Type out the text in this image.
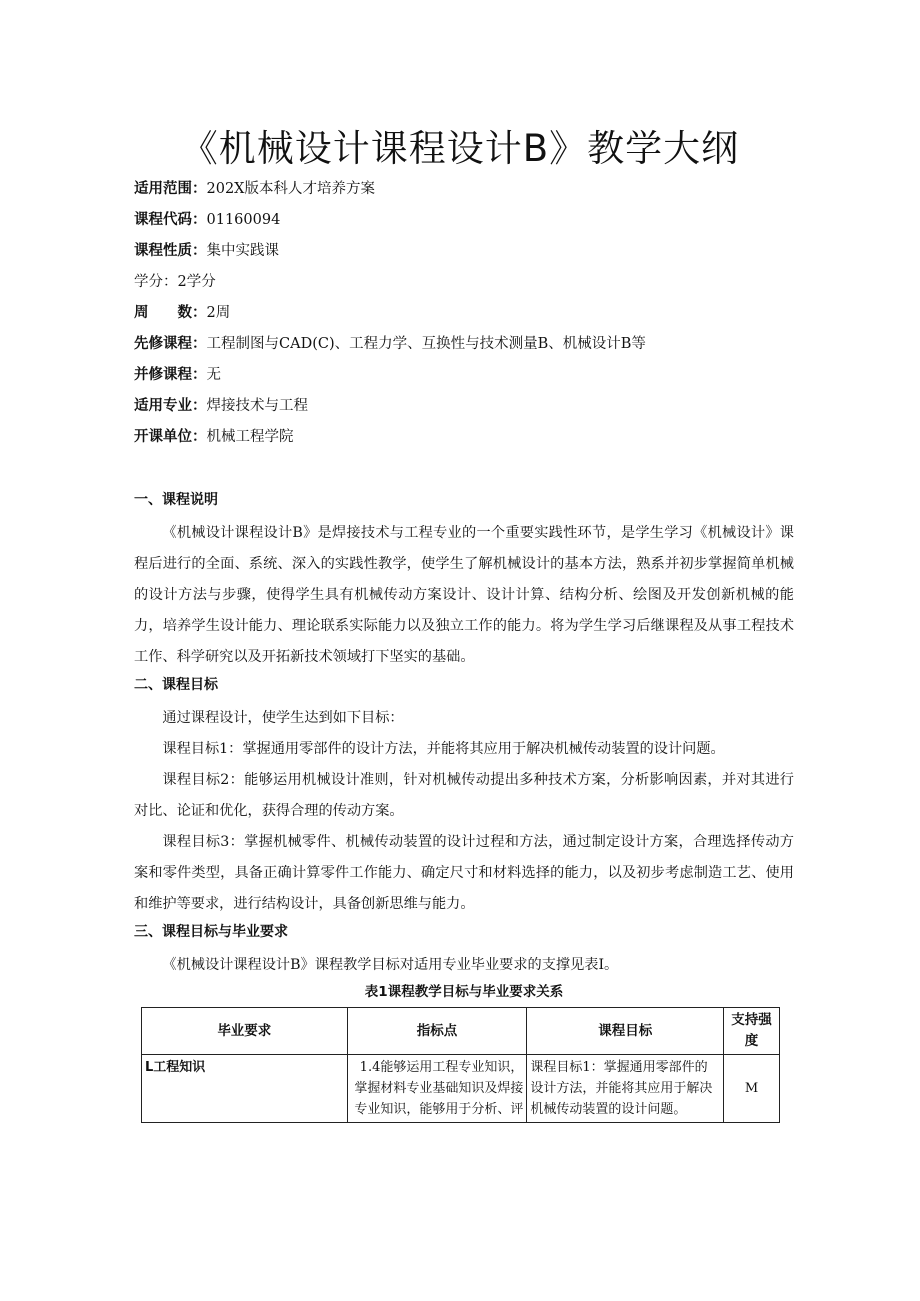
《机械设计课程设计B》教学大纲
适用范围：202X版本科人才培养方案
课程代码：01160094
课程性质：集中实践课
学分：2学分
周　　数：2周
先修课程：工程制图与CAD(C)、工程力学、互换性与技术测量B、机械设计B等
并修课程：无
适用专业：焊接技术与工程
开课单位：机械工程学院
一、课程说明

《机械设计课程设计B》是焊接技术与工程专业的一个重要实践性环节，是学生学习《机械设计》课程后进行的全面、系统、深入的实践性教学，使学生了解机械设计的基本方法，熟系并初步掌握简单机械的设计方法与步骤，使得学生具有机械传动方案设计、设计计算、结构分析、绘图及开发创新机械的能力，培养学生设计能力、理论联系实际能力以及独立工作的能力。将为学生学习后继课程及从事工程技术工作、科学研究以及开拓新技术领域打下坚实的基础。

二、课程目标

通过课程设计，使学生达到如下目标：

课程目标1：掌握通用零部件的设计方法，并能将其应用于解决机械传动装置的设计问题。

课程目标2：能够运用机械设计准则，针对机械传动提出多种技术方案，分析影响因素，并对其进行对比、论证和优化，获得合理的传动方案。

课程目标3：掌握机械零件、机械传动装置的设计过程和方法，通过制定设计方案，合理选择传动方案和零件类型，具备正确计算零件工作能力、确定尺寸和材料选择的能力，以及初步考虑制造工艺、使用和维护等要求，进行结构设计，具备创新思维与能力。

三、课程目标与毕业要求

《机械设计课程设计B》课程教学目标对适用专业毕业要求的支撑见表I。

表1课程教学目标与毕业要求关系
毕业要求	指标点	课程目标	支持强度
L工程知识	1.4能够运用工程专业知识，掌握材料专业基础知识及焊接专业知识，能够用于分析、评	课程目标1：掌握通用零部件的设计方法，并能将其应用于解决机械传动装置的设计问题。	M
